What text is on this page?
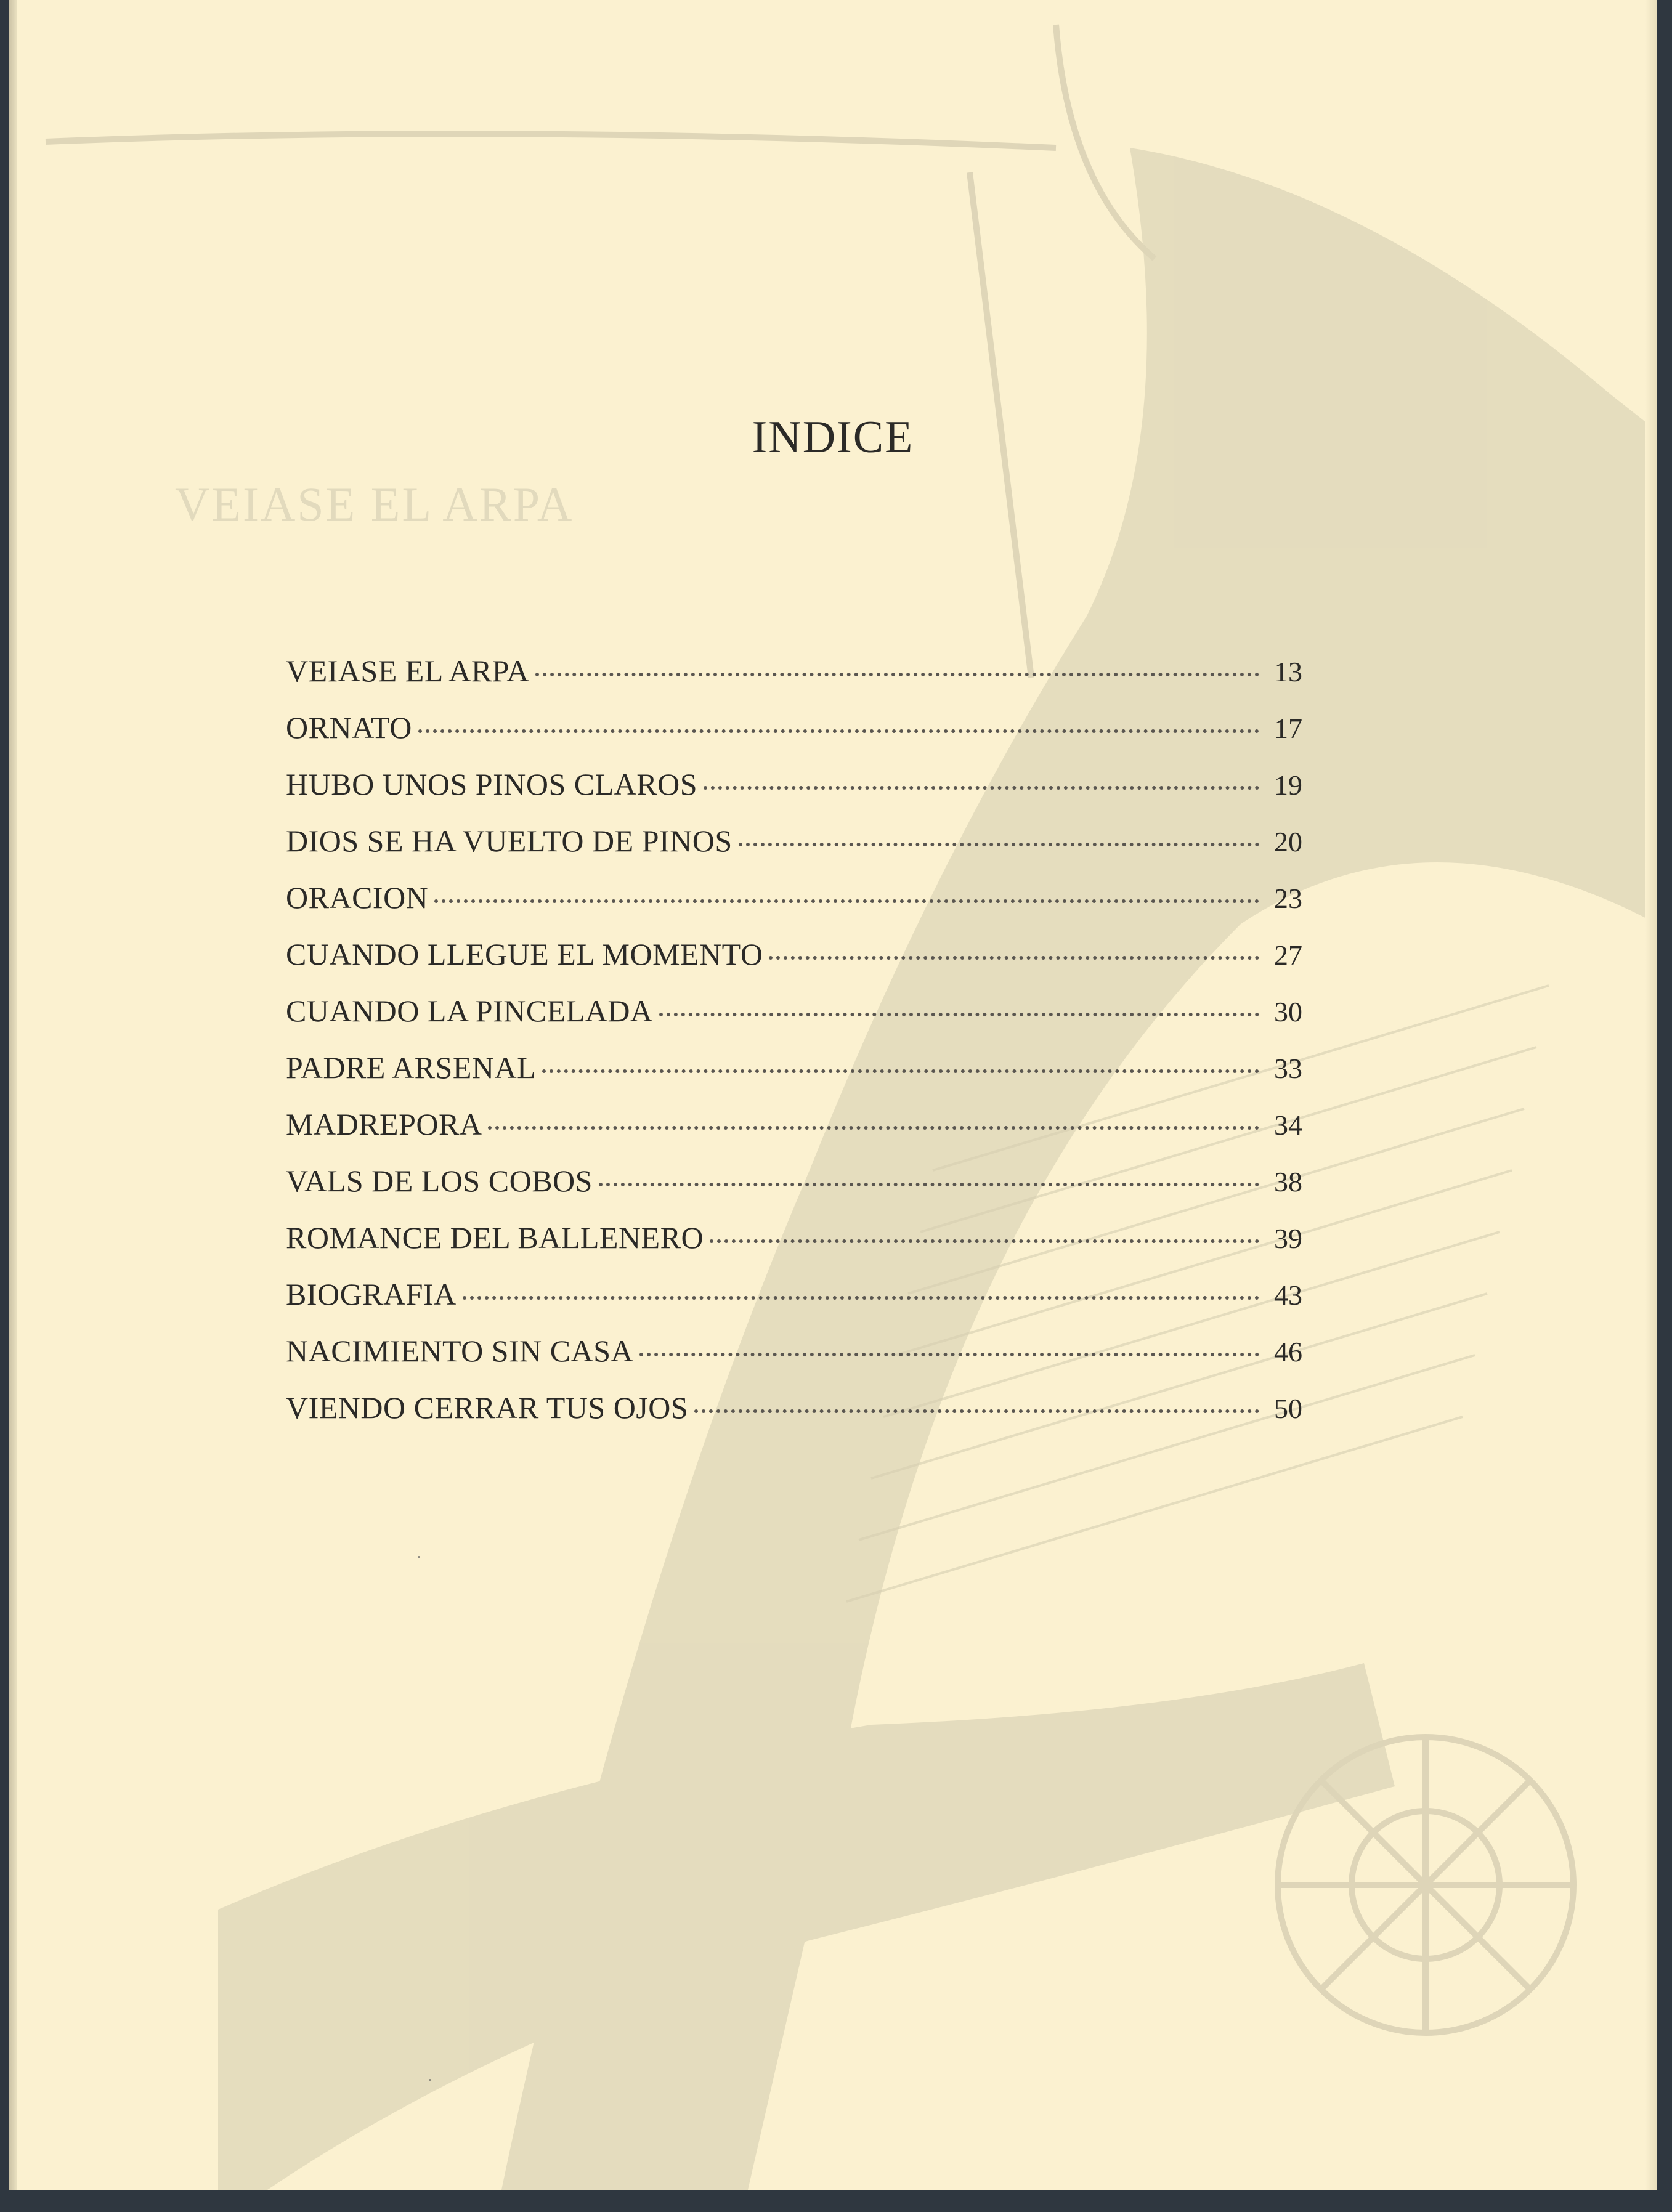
VEIASE EL ARPA
INDICE
VEIASE EL ARPA	13
ORNATO	17
HUBO UNOS PINOS CLAROS	19
DIOS SE HA VUELTO DE PINOS	20
ORACION	23
CUANDO LLEGUE EL MOMENTO	27
CUANDO LA PINCELADA	30
PADRE ARSENAL	33
MADREPORA	34
VALS DE LOS COBOS	38
ROMANCE DEL BALLENERO	39
BIOGRAFIA	43
NACIMIENTO SIN CASA	46
VIENDO CERRAR TUS OJOS	50
